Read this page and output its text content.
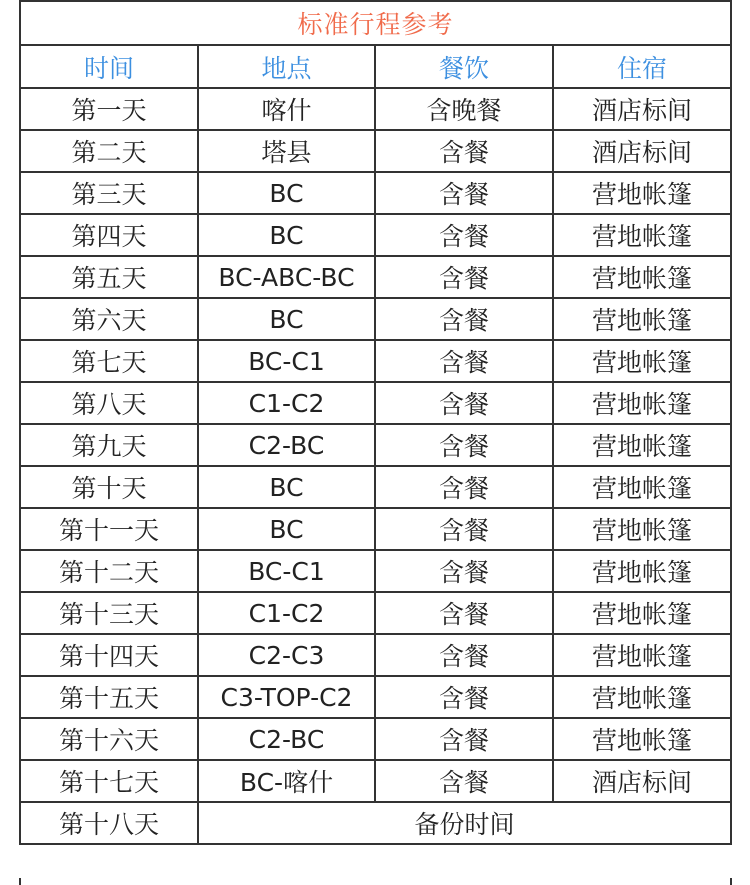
标准行程参考			
时间	地点	餐饮	住宿
第一天	喀什	含晚餐	酒店标间
第二天	塔县	含餐	酒店标间
第三天	BC	含餐	营地帐篷
第四天	BC	含餐	营地帐篷
第五天	BC-ABC-BC	含餐	营地帐篷
第六天	BC	含餐	营地帐篷
第七天	BC-C1	含餐	营地帐篷
第八天	C1-C2	含餐	营地帐篷
第九天	C2-BC	含餐	营地帐篷
第十天	BC	含餐	营地帐篷
第十一天	BC	含餐	营地帐篷
第十二天	BC-C1	含餐	营地帐篷
第十三天	C1-C2	含餐	营地帐篷
第十四天	C2-C3	含餐	营地帐篷
第十五天	C3-TOP-C2	含餐	营地帐篷
第十六天	C2-BC	含餐	营地帐篷
第十七天	BC-喀什	含餐	酒店标间
第十八天	备份时间		
